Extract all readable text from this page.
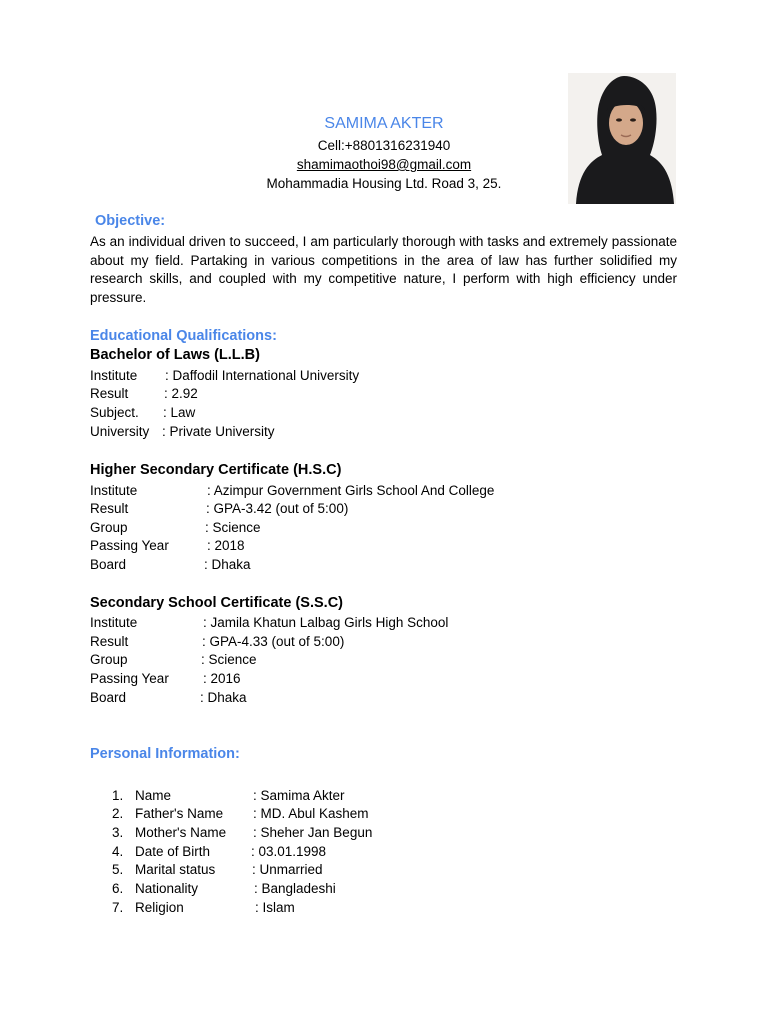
SAMIMA AKTER
Cell:+8801316231940
shamimaothoi98@gmail.com
Mohammadia Housing Ltd. Road 3, 25.
Objective:
As an individual driven to succeed, I am particularly thorough with tasks and extremely passionate about my field. Partaking in various competitions in the area of law has further solidified my research skills, and coupled with my competitive nature, I perform with high efficiency under pressure.
Educational Qualifications:
Bachelor of Laws (L.L.B)
Institute : Daffodil International University
Result	: 2.92
Subject. : Law
University : Private University
Higher Secondary Certificate (H.S.C)
Institute	: Azimpur Government Girls School And College
Result	: GPA-3.42 (out of 5:00)
Group	: Science
Passing Year	: 2018
Board	: Dhaka
Secondary School Certificate (S.S.C)
Institute	: Jamila Khatun Lalbag Girls High School
Result	: GPA-4.33 (out of 5:00)
Group	: Science
Passing Year	: 2016
Board	: Dhaka
Personal Information:
1. Name	: Samima Akter
2. Father's Name : MD. Abul Kashem
3. Mother's Name : Sheher Jan Begun
4. Date of Birth	: 03.01.1998
5. Marital status	: Unmarried
6. Nationality	: Bangladeshi
7. Religion	: Islam
